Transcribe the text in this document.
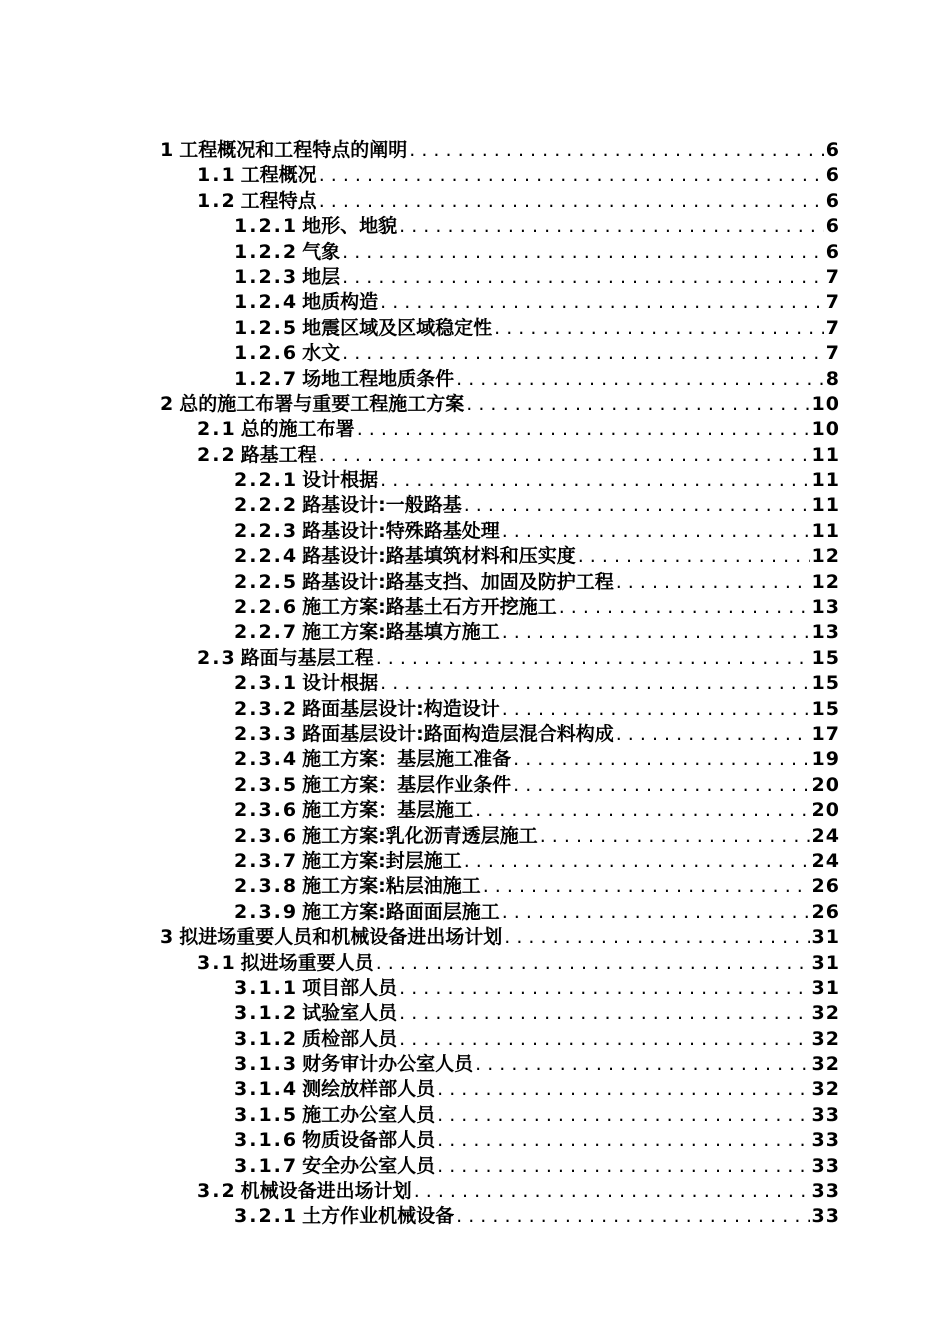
1 工程概况和工程特点的阐明 . . .	6
1.1 工程概况 . . .	6
1.2 工程特点 . . .	6
1.2.1 地形、地貌 . . .	6
1.2.2 气象 . . .	6
1.2.3 地层 . . .	7
1.2.4 地质构造 . . .	7
1.2.5 地震区域及区域稳定性 . . .	7
1.2.6 水文 . . .	7
1.2.7 场地工程地质条件 . . .	8
2 总的施工布署与重要工程施工方案 . . .	10
2.1 总的施工布署 . . .	10
2.2 路基工程 . . .	11
2.2.1 设计根据 . . .	11
2.2.2 路基设计:一般路基 . . .	11
2.2.3 路基设计:特殊路基处理 . . .	11
2.2.4 路基设计:路基填筑材料和压实度 . . .	12
2.2.5 路基设计:路基支挡、加固及防护工程 . . .	12
2.2.6 施工方案:路基土石方开挖施工 . . .	13
2.2.7 施工方案:路基填方施工 . . .	13
2.3 路面与基层工程 . . .	15
2.3.1 设计根据 . . .	15
2.3.2 路面基层设计:构造设计 . . .	15
2.3.3 路面基层设计:路面构造层混合料构成 . . .	17
2.3.4 施工方案：基层施工准备 . . .	19
2.3.5 施工方案：基层作业条件 . . .	20
2.3.6 施工方案：基层施工 . . .	20
2.3.6 施工方案:乳化沥青透层施工 . . .	24
2.3.7 施工方案:封层施工 . . .	24
2.3.8 施工方案:粘层油施工 . . .	26
2.3.9 施工方案:路面面层施工 . . .	26
3 拟进场重要人员和机械设备进出场计划 . . .	31
3.1 拟进场重要人员 . . .	31
3.1.1 项目部人员 . . .	31
3.1.2 试验室人员 . . .	32
3.1.2 质检部人员 . . .	32
3.1.3 财务审计办公室人员 . . .	32
3.1.4 测绘放样部人员 . . .	32
3.1.5 施工办公室人员 . . .	33
3.1.6 物质设备部人员 . . .	33
3.1.7 安全办公室人员 . . .	33
3.2 机械设备进出场计划 . . .	33
3.2.1 土方作业机械设备 . . .	33
